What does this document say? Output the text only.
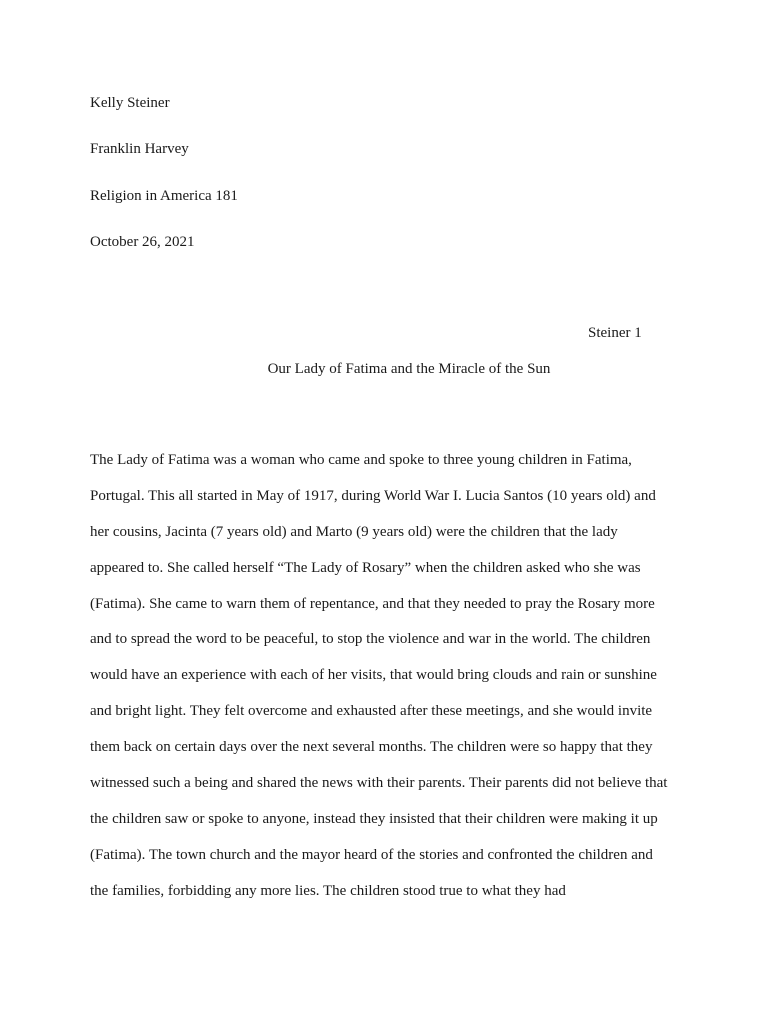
Kelly Steiner
Franklin Harvey
Religion in America 181
October 26, 2021
Steiner 1
Our Lady of Fatima and the Miracle of the Sun
The Lady of Fatima was a woman who came and spoke to three young children in Fatima,
Portugal. This all started in May of 1917, during World War I. Lucia Santos (10 years old) and
her cousins, Jacinta (7 years old) and Marto (9 years old) were the children that the lady
appeared to. She called herself “The Lady of Rosary” when the children asked who she was
(Fatima). She came to warn them of repentance, and that they needed to pray the Rosary more
and to spread the word to be peaceful, to stop the violence and war in the world. The children
would have an experience with each of her visits, that would bring clouds and rain or sunshine
and bright light. They felt overcome and exhausted after these meetings, and she would invite
them back on certain days over the next several months. The children were so happy that they
witnessed such a being and shared the news with their parents. Their parents did not believe that
the children saw or spoke to anyone, instead they insisted that their children were making it up
(Fatima). The town church and the mayor heard of the stories and confronted the children and
the families, forbidding any more lies. The children stood true to what they had
